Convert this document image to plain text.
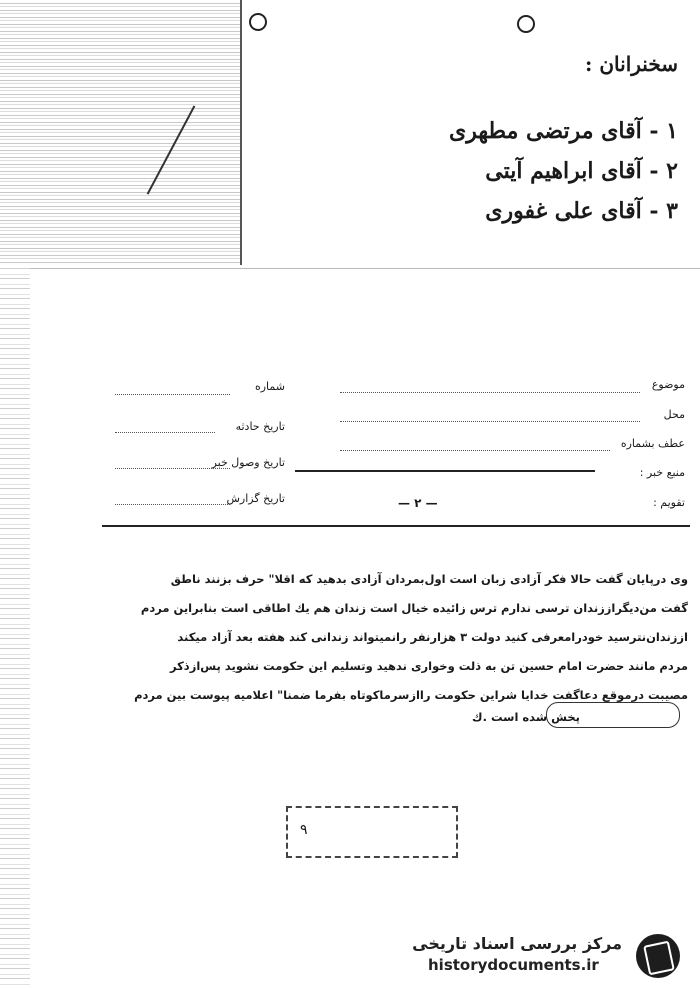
سخنرانان :
۱ - آقای مرتضی مطهری
۲ - آقای ابراهیم آیتی
۳ - آقای علی غفوری
موضوع
محل
عطف بشماره
منبع خبر :
تقویم :
شماره
تاریخ حادثه
تاریخ وصول خبر
تاریخ گزارش	— ۲ —
وی درپایان گفت حالا فکر آزادی زبان است اول‌بمردان آزادی بدهید که اقلا" حرف بزنند ناطق
گفت من‌دیگراززندان ترسی ندارم ترس زائیده خیال است زندان هم یك اطاقی است بنابراین مردم
اززندان‌نترسید خودرامعرفی کنید دولت ۳ هزارنفر رانمیتواند زندانی کند هفته بعد آزاد میکند
مردم مانند حضرت امام حسین تن به ذلت وخواری ندهید وتسلیم این حکومت نشوید پس‌ازذکر
مصیبت درموقع دعاگفت خدایا شراین حکومت راازسرماکوتاه بفرما ضمنا" اعلامیه پیوست بین مردم
پخش شده است .ك
۹
مرکز بررسی اسناد تاریخی
historydocuments.ir
